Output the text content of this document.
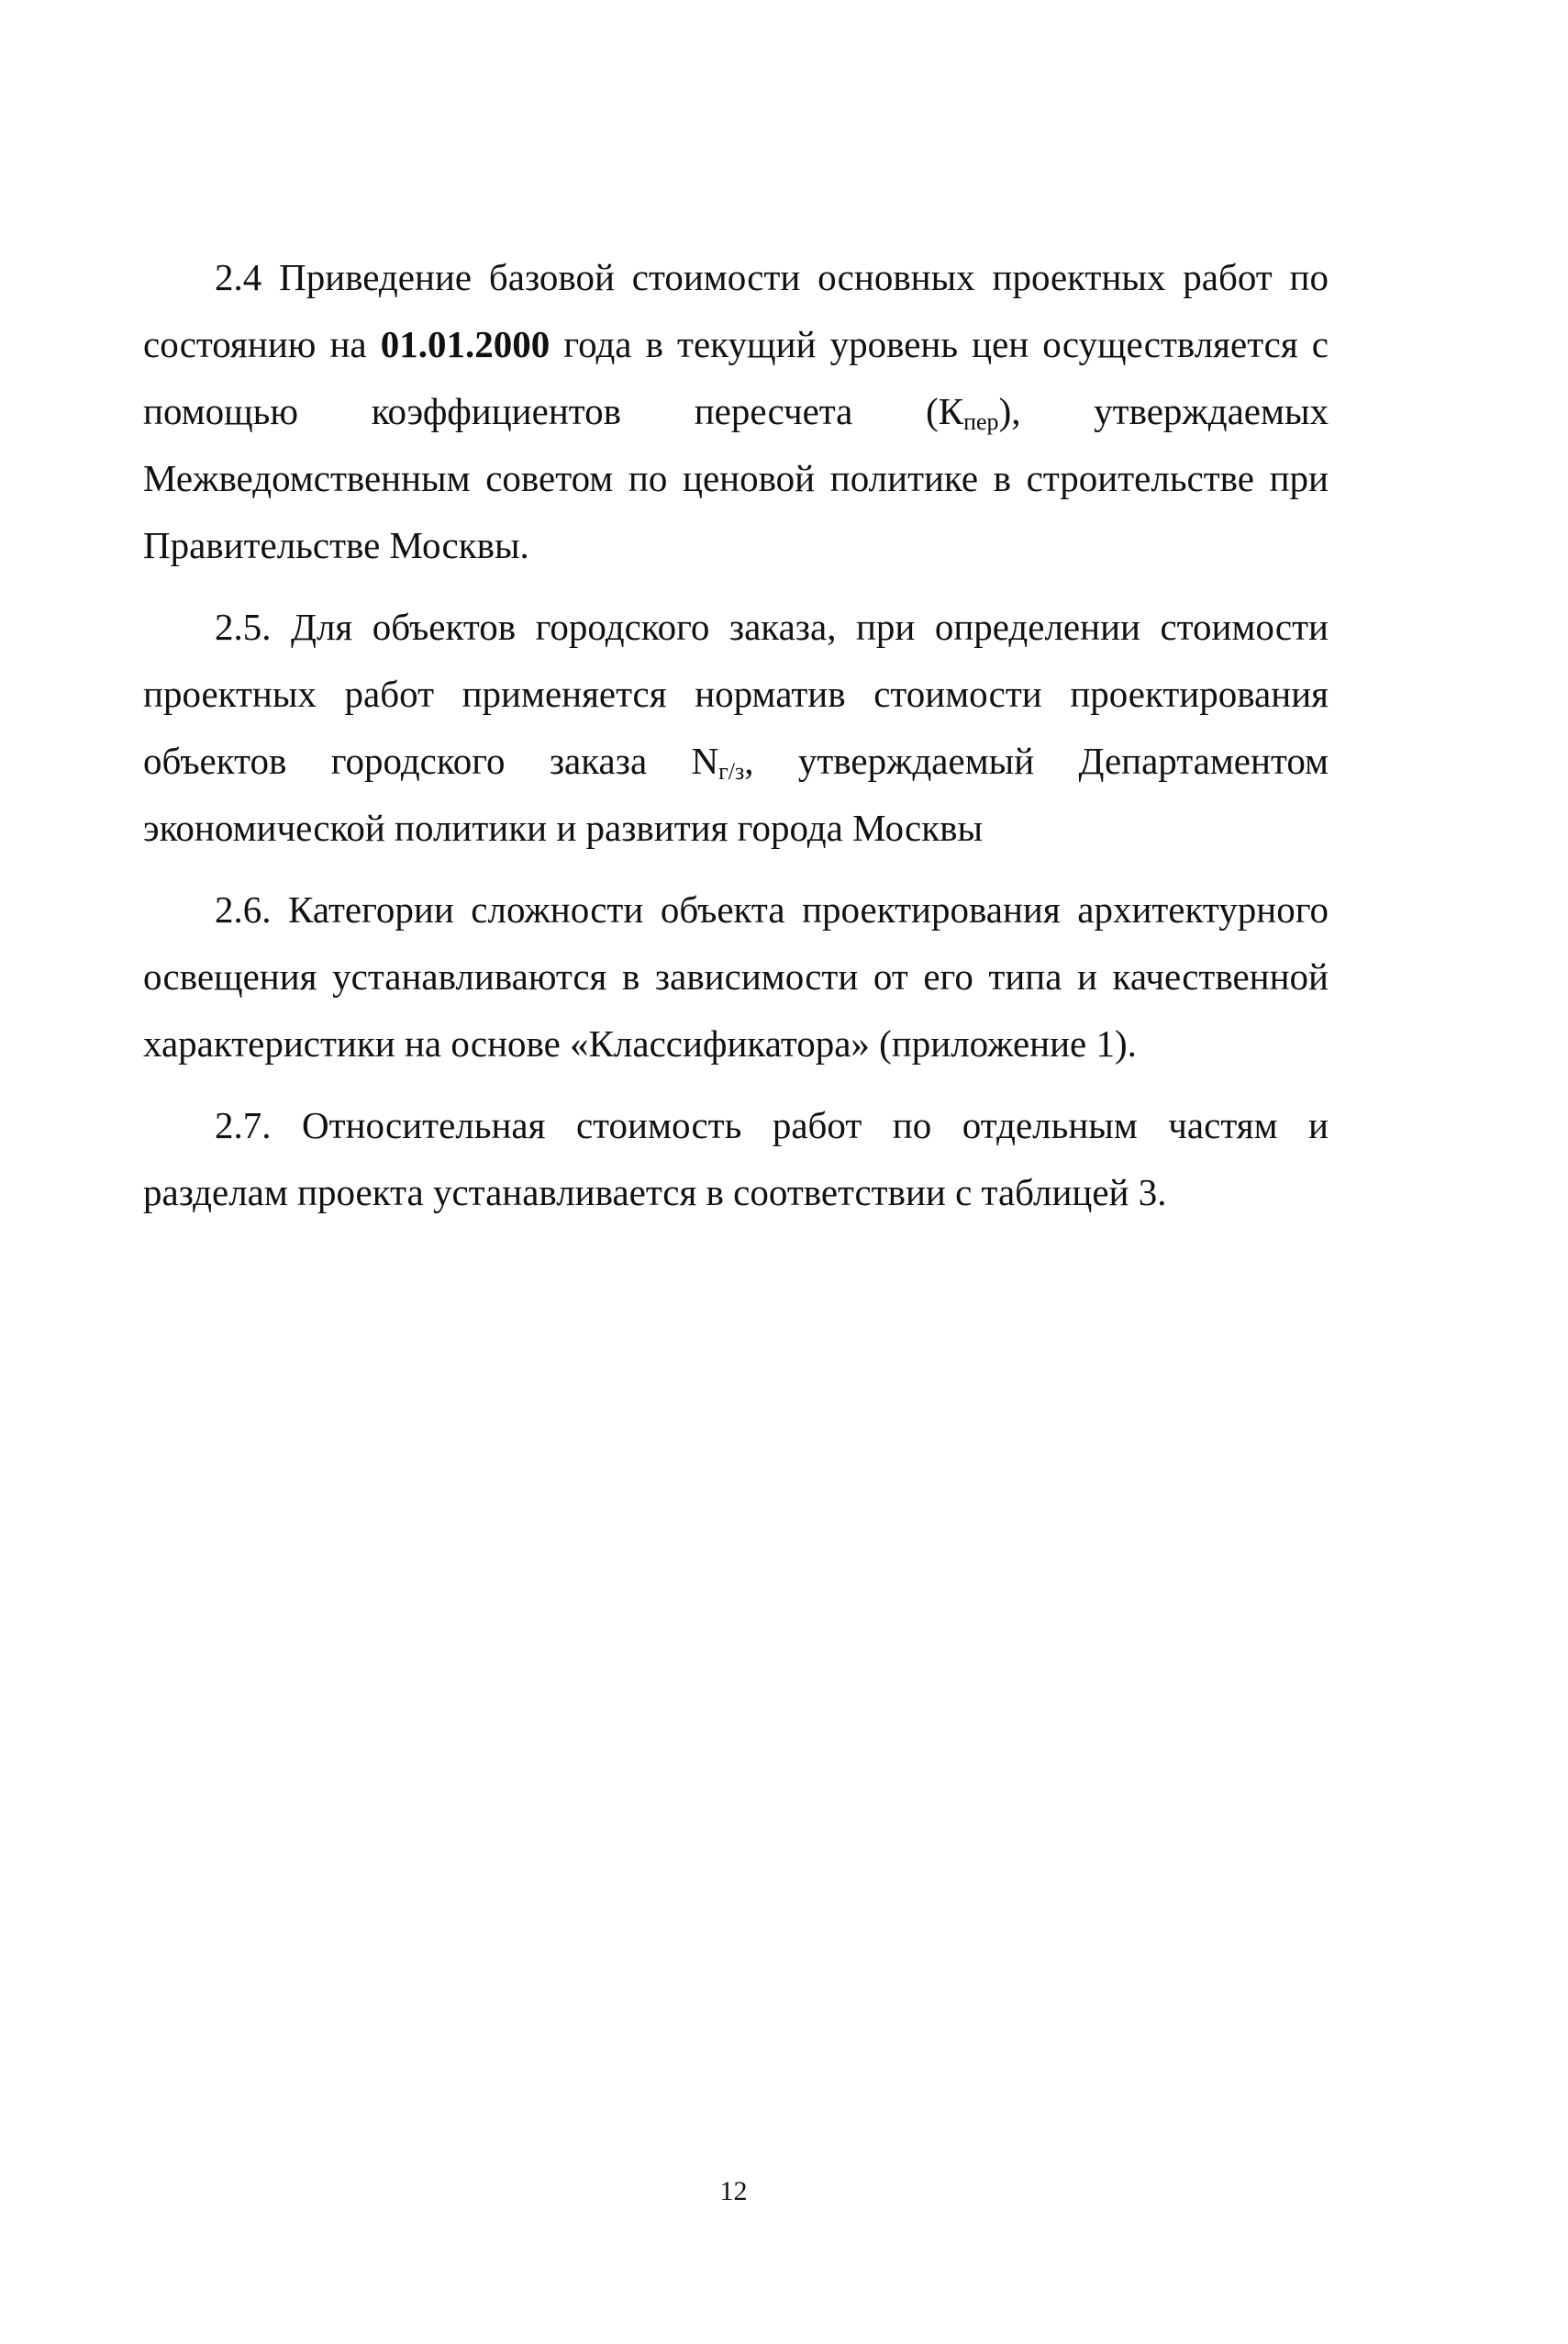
2.4 Приведение базовой стоимости основных проектных работ по состоянию на 01.01.2000 года в текущий уровень цен осуществляется с помощью коэффициентов пересчета $(К_{пер})$, утверждаемых Межведомственным советом по ценовой политике в строительстве при Правительстве Москвы.

2.5. Для объектов городского заказа, при определении стоимости проектных работ применяется норматив стоимости проектирования объектов городского заказа $N_{г/з}$, утверждаемый Департаментом экономической политики и развития города Москвы

2.6. Категории сложности объекта проектирования архитектурного освещения устанавливаются в зависимости от его типа и качественной характеристики на основе «Классификатора» (приложение 1).

2.7. Относительная стоимость работ по отдельным частям и разделам проекта устанавливается в соответствии с таблицей 3.

12
